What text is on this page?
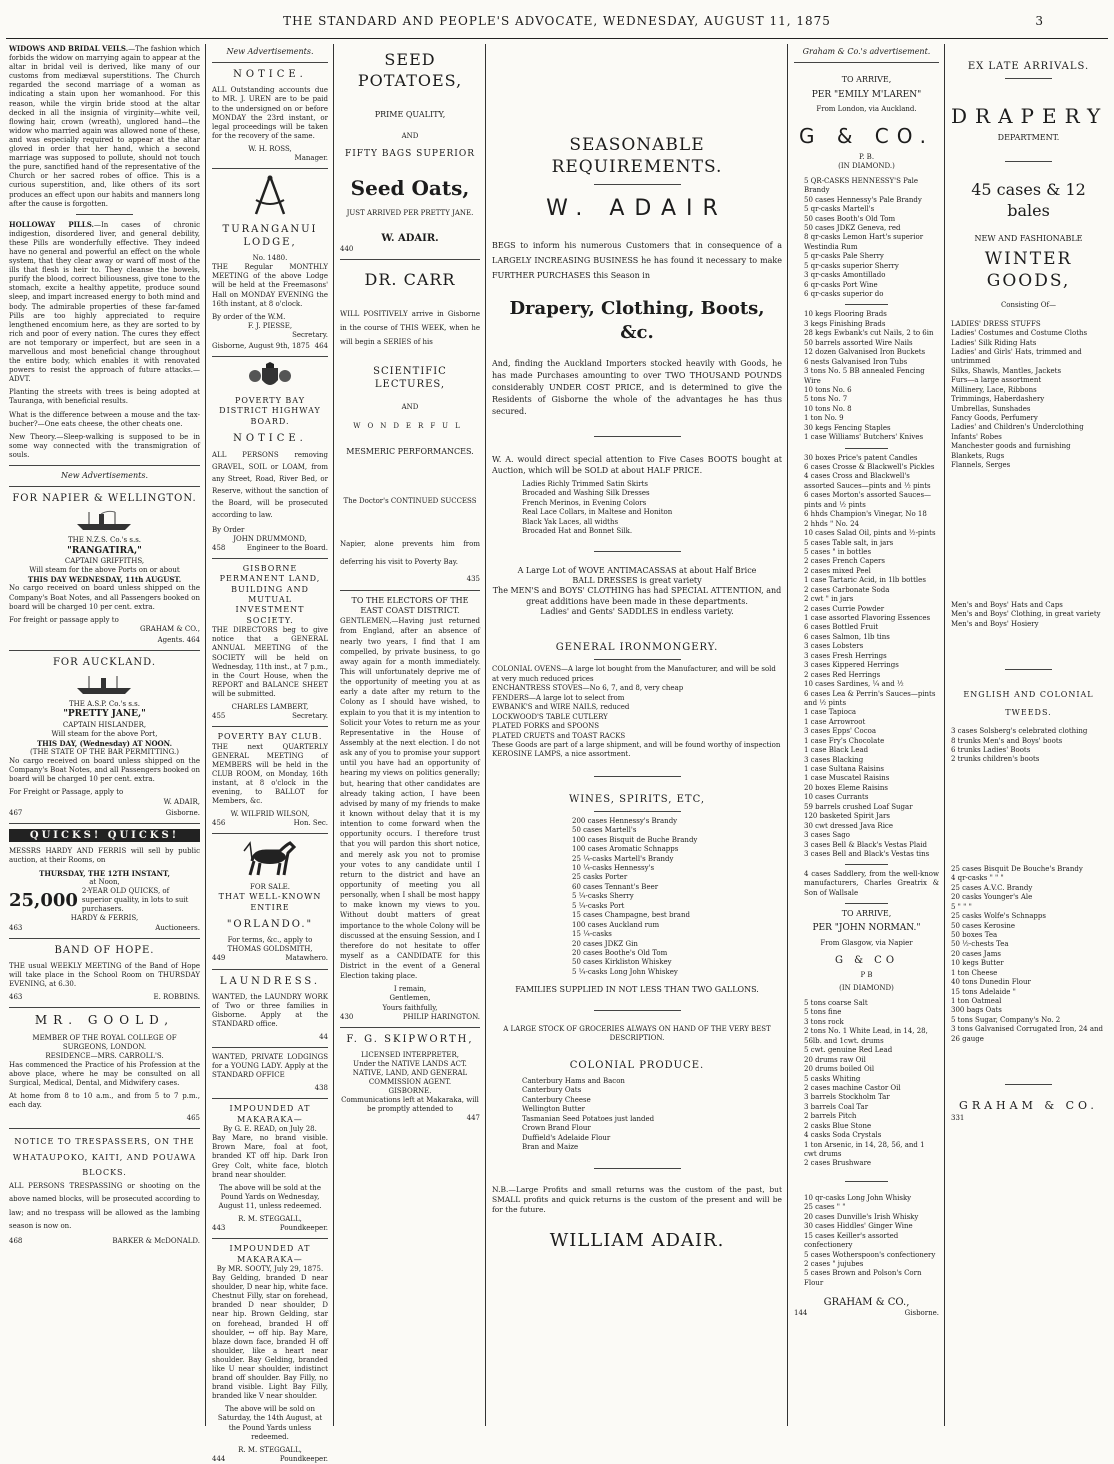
THE STANDARD AND PEOPLE'S ADVOCATE, WEDNESDAY, AUGUST 11, 1875	3

WIDOWS AND BRIDAL VEILS.—The fashion which forbids the widow on marrying again to appear at the altar in bridal veil is derived, like many of our customs from mediæval superstitions. The Church regarded the second marriage of a woman as indicating a stain upon her womanhood. For this reason, while the virgin bride stood at the altar decked in all the insignia of virginity—white veil, flowing hair, crown (wreath), unglored hand—the widow who married again was allowed none of these, and was especially required to appear at the altar gloved in order that her hand, which a second marriage was supposed to pollute, should not touch the pure, sanctified hand of the representative of the Church or her sacred robes of office. This is a curious superstition, and, like others of its sort produces an effect upon our habits and manners long after the cause is forgotten.

HOLLOWAY PILLS.—In cases of chronic indigestion, disordered liver, and general debility, these Pills are wonderfully effective. They indeed have no general and powerful an effect on the whole system, that they clear away or ward off most of the ills that flesh is heir to. They cleanse the bowels, purify the blood, correct biliousness, give tone to the stomach, excite a healthy appetite, produce sound sleep, and impart increased energy to both mind and body. The admirable properties of these far-famed Pills are too highly appreciated to require lengthened encomium here, as they are sorted to by rich and poor of every nation. The cures they effect are not temporary or imperfect, but are seen in a marvellous and most beneficial change throughout the entire body, which enables it with renovated powers to resist the approach of future attacks.—ADVT.

Planting the streets with trees is being adopted at Tauranga, with beneficial results.

What is the difference between a mouse and the tax-bucher?—One eats cheese, the other cheats one.

New Theory.—Sleep-walking is supposed to be in some way connected with the transmigration of souls.

New Advertisements.
FOR NAPIER & WELLINGTON.
THE N.Z.S. Co.'s s.s.
"RANGATIRA,"
CAPTAIN GRIFFITHS,
Will steam for the above Ports on or about
THIS DAY WEDNESDAY, 11th AUGUST.

No cargo received on board unless shipped on the Company's Boat Notes, and all Passengers booked on board will be charged 10 per cent. extra.

For freight or passage apply to
GRAHAM & CO.,
Agents. 464
FOR AUCKLAND.
THE A.S.P. Co.'s s.s.
"PRETTY JANE,"
CAPTAIN HISLANDER,
Will steam for the above Port,
THIS DAY, (Wednesday) AT NOON.
(THE STATE OF THE BAR PERMITTING.)

No cargo received on board unless shipped on the Company's Boat Notes, and all Passengers booked on board will be charged 10 per cent. extra.

For Freight or Passage, apply to
W. ADAIR,
467	Gisborne.
QUICKS! QUICKS!

MESSRS HARDY AND FERRIS will sell by public auction, at their Rooms, on

THURSDAY, THE 12TH INSTANT,
at Noon,
25,000 2-YEAR OLD QUICKS, of superior quality, in lots to suit purchasers.
HARDY & FERRIS,
463	Auctioneers.
BAND OF HOPE.

THE usual WEEKLY MEETING of the Band of Hope will take place in the School Room on THURSDAY EVENING, at 6.30.

463	E. ROBBINS.
MR. GOOLD,
MEMBER OF THE ROYAL COLLEGE OF SURGEONS, LONDON.
RESIDENCE—MRS. CARROLL'S.

Has commenced the Practice of his Profession at the above place, where he may be consulted on all Surgical, Medical, Dental, and Midwifery cases.

At home from 8 to 10 a.m., and from 5 to 7 p.m., each day.

465
NOTICE TO TRESPASSERS, ON THE WHATAUPOKO, KAITI, AND POUAWA BLOCKS.

ALL PERSONS TRESPASSING or shooting on the above named blocks, will be prosecuted according to law; and no trespass will be allowed as the lambing season is now on.

468	BARKER & McDONALD.
New Advertisements.
NOTICE.

ALL Outstanding accounts due to MR. J. UREN are to be paid to the undersigned on or before MONDAY the 23rd instant, or legal proceedings will be taken for the recovery of the same.

W. H. ROSS,
Manager.
TURANGANUI LODGE,
No. 1480.

THE Regular MONTHLY MEETING of the above Lodge will be held at the Freemasons' Hall on MONDAY EVENING the 16th instant, at 8 o'clock.

By order of the W.M.
F. J. PIESSE,
Secretary.
Gisborne, August 9th, 1875 464
POVERTY BAY DISTRICT HIGHWAY BOARD.
NOTICE.

ALL PERSONS removing GRAVEL, SOIL or LOAM, from any Street, Road, River Bed, or Reserve, without the sanction of the Board, will be prosecuted according to law.

By Order
JOHN DRUMMOND,
458	Engineer to the Board.
GISBORNE PERMANENT LAND, BUILDING AND MUTUAL INVESTMENT SOCIETY.

THE DIRECTORS beg to give notice that a GENERAL ANNUAL MEETING of the SOCIETY will be held on Wednesday, 11th inst., at 7 p.m., in the Court House, when the REPORT and BALANCE SHEET will be submitted.

CHARLES LAMBERT,
455	Secretary.
POVERTY BAY CLUB.

THE next QUARTERLY GENERAL MEETING of MEMBERS will be held in the CLUB ROOM, on Monday, 16th instant, at 8 o'clock in the evening, to BALLOT for Members, &c.

W. WILFRID WILSON,
456	Hon. Sec.
FOR SALE.
THAT WELL-KNOWN ENTIRE
"ORLANDO."
For terms, &c., apply to
THOMAS GOLDSMITH,
449	Matawhero.
LAUNDRESS.

WANTED, the LAUNDRY WORK of Two or three families in Gisborne. Apply at the STANDARD office.

44

WANTED, PRIVATE LODGINGS for a YOUNG LADY. Apply at the STANDARD OFFICE

438
IMPOUNDED AT MAKARAKA—
By G. E. READ, on July 28.

Bay Mare, no brand visible. Brown Mare, foal at foot, branded KT off hip. Dark Iron Grey Colt, white face, blotch brand near shoulder.

The above will be sold at the Pound Yards on Wednesday, August 11, unless redeemed.

R. M. STEGGALL,
443	Poundkeeper.
IMPOUNDED AT MAKARAKA—
By MR. SOOTY, July 29, 1875.

Bay Gelding, branded D near shoulder, D near hip, white face. Chestnut Filly, star on forehead, branded D near shoulder, D near hip. Brown Gelding, star on forehead, branded H off shoulder, ꟷ off hip. Bay Mare, blaze down face, branded H off shoulder, like a heart near shoulder. Bay Gelding, branded like U near shoulder, indistinct brand off shoulder. Bay Filly, no brand visible. Light Bay Filly, branded like V near shoulder.

The above will be sold on Saturday, the 14th August, at the Pound Yards unless redeemed.

R. M. STEGGALL,
444	Poundkeeper.
SEED POTATOES,
PRIME QUALITY,
AND
FIFTY BAGS SUPERIOR
Seed Oats,
JUST ARRIVED PER PRETTY JANE.
W. ADAIR.
440
DR. CARR

WILL POSITIVELY arrive in Gisborne in the course of THIS WEEK, when he will begin a SERIES of his

SCIENTIFIC LECTURES,
AND
WONDERFUL
MESMERIC PERFORMANCES.
The Doctor's CONTINUED SUCCESS

Napier, alone prevents him from deferring his visit to Poverty Bay.

435
TO THE ELECTORS OF THE EAST COAST DISTRICT.

GENTLEMEN,—Having just returned from England, after an absence of nearly two years, I find that I am compelled, by private business, to go away again for a month immediately. This will unfortunately deprive me of the opportunity of meeting you at as early a date after my return to the Colony as I should have wished, to explain to you that it is my intention to Solicit your Votes to return me as your Representative in the House of Assembly at the next election. I do not ask any of you to promise your support until you have had an opportunity of hearing my views on politics generally; but, hearing that other candidates are already taking action, I have been advised by many of my friends to make it known without delay that it is my intention to come forward when the opportunity occurs. I therefore trust that you will pardon this short notice, and merely ask you not to promise your votes to any candidate until I return to the district and have an opportunity of meeting you all personally, when I shall be most happy to make known my views to you. Without doubt matters of great importance to the whole Colony will be discussed at the ensuing Session, and I therefore do not hesitate to offer myself as a CANDIDATE for this District in the event of a General Election taking place.

I remain,
Gentlemen,
Yours faithfully,
430	PHILIP HARINGTON.
F. G. SKIPWORTH,
LICENSED INTERPRETER,
Under the NATIVE LANDS ACT.
NATIVE, LAND, AND GENERAL COMMISSION AGENT.
GISBORNE.
Communications left at Makaraka, will be promptly attended to
447
SEASONABLE REQUIREMENTS.
W. ADAIR

BEGS to inform his numerous Customers that in consequence of a LARGELY INCREASING BUSINESS he has found it necessary to make FURTHER PURCHASES this Season in

Drapery, Clothing, Boots, &c.

And, finding the Auckland Importers stocked heavily with Goods, he has made Purchases amounting to over TWO THOUSAND POUNDS considerably UNDER COST PRICE, and is determined to give the Residents of Gisborne the whole of the advantages he has thus secured.

W. A. would direct special attention to Five Cases BOOTS bought at Auction, which will be SOLD at about HALF PRICE.

Ladies Richly Trimmed Satin Skirts
Brocaded and Washing Silk Dresses
French Merinos, in Evening Colors
Real Lace Collars, in Maltese and Honiton
Black Yak Laces, all widths
Brocaded Hat and Bonnet Silk.
A Large Lot of WOVE ANTIMACASSAS at about Half Brice
BALL DRESSES is great variety
The MEN'S and BOYS' CLOTHING has had SPECIAL ATTENTION, and great additions have been made in these departments.
Ladies' and Gents' SADDLES in endless variety.
GENERAL IRONMONGERY.
COLONIAL OVENS—A large lot bought from the Manufacturer, and will be sold at very much reduced prices
ENCHANTRESS STOVES—No 6, 7, and 8, very cheap
FENDERS—A large lot to select from
EWBANK'S and WIRE NAILS, reduced
LOCKWOOD'S TABLE CUTLERY
PLATED FORKS and SPOONS
PLATED CRUETS and TOAST RACKS
These Goods are part of a large shipment, and will be found worthy of inspection
KEROSINE LAMPS, a nice assortment.
WINES, SPIRITS, ETC,
200 cases Hennessy's Brandy
50 cases Martell's
100 cases Bisquit de Buche Brandy
100 cases Aromatic Schnapps
25 ¼-casks Martell's Brandy
10 ¼-casks Hennessy's
25 casks Porter
60 cases Tennant's Beer
5 ¼-casks Sherry
5 ¼-casks Port
15 cases Champagne, best brand
100 cases Auckland rum
15 ¼-casks
20 cases JDKZ Gin
20 cases Boothe's Old Tom
50 cases Kirkliston Whiskey
5 ¼-casks Long John Whiskey
FAMILIES SUPPLIED IN NOT LESS THAN TWO GALLONS.
A LARGE STOCK OF GROCERIES ALWAYS ON HAND OF THE VERY BEST DESCRIPTION.
COLONIAL PRODUCE.
Canterbury Hams and Bacon
Canterbury Oats
Canterbury Cheese
Wellington Butter
Tasmanian Seed Potatoes just landed
Crown Brand Flour
Duffield's Adelaide Flour
Bran and Maize

N.B.—Large Profits and small returns was the custom of the past, but SMALL profits and quick returns is the custom of the present and will be for the future.

WILLIAM ADAIR.
Graham & Co.'s advertisement.
TO ARRIVE,
PER "EMILY M'LAREN"
From London, via Auckland.
G & CO.
P. B.
(IN DIAMOND.)
5 QR-CASKS HENNESSY'S Pale Brandy
50 cases Hennessy's Pale Brandy
5 qr-casks Martell's
50 cases Booth's Old Tom
50 cases JDKZ Geneva, red
8 qr-casks Lemon Hart's superior Westindia Rum
5 qr-casks Pale Sherry
5 qr-casks superior Sherry
3 qr-casks Amontillado
6 qr-casks Port Wine
6 qr-casks superior do
10 kegs Flooring Brads
3 kegs Finishing Brads
28 kegs Ewbank's cut Nails, 2 to 6in
50 barrels assorted Wire Nails
12 dozen Galvanised Iron Buckets
6 nests Galvanised Iron Tubs
3 tons No. 5 BB annealed Fencing Wire
10 tons No. 6
5 tons No. 7
10 tons No. 8
1 ton No. 9
30 kegs Fencing Staples
1 case Williams' Butchers' Knives
30 boxes Price's patent Candles
6 cases Crosse & Blackwell's Pickles
4 cases Cross and Blackwell's assorted Sauces—pints and ½ pints
6 cases Morton's assorted Sauces—pints and ½ pints
6 hhds Champion's Vinegar, No 18
2 hhds " No. 24
10 cases Salad Oil, pints and ½-pints
5 cases Table salt, in jars
5 cases " in bottles
2 cases French Capers
2 cases mixed Peel
1 case Tartaric Acid, in 1lb bottles
2 cases Carbonate Soda
2 cwt " in jars
2 cases Currie Powder
1 case assorted Flavoring Essences
6 cases Bottled Fruit
6 cases Salmon, 1lb tins
3 cases Lobsters
3 cases Fresh Herrings
3 cases Kippered Herrings
2 cases Red Herrings
10 cases Sardines, ¼ and ½
6 cases Lea & Perrin's Sauces—pints and ½ pints
1 case Tapioca
1 case Arrowroot
3 cases Epps' Cocoa
1 case Fry's Chocolate
1 case Black Lead
3 cases Blacking
1 case Sultana Raisins
1 case Muscatel Raisins
20 boxes Eleme Raisins
10 cases Currants
59 barrels crushed Loaf Sugar
120 basketed Spirit Jars
30 cwt dressed Java Rice
3 cases Sago
3 cases Bell & Black's Vestas Plaid
3 cases Bell and Black's Vestas tins

4 cases Saddlery, from the well-know manufacturers, Charles Greatrix & Son of Wallsale

TO ARRIVE,
PER "JOHN NORMAN."
From Glasgow, via Napier
G & CO
P B
(IN DIAMOND)
5 tons coarse Salt
5 tons fine
3 tons rock
2 tons No. 1 White Lead, in 14, 28, 56lb. and 1cwt. drums
5 cwt. genuine Red Lead
20 drums raw Oil
20 drums boiled Oil
5 casks Whiting
2 cases machine Castor Oil
3 barrels Stockholm Tar
3 barrels Coal Tar
2 barrels Pitch
2 casks Blue Stone
4 casks Soda Crystals
1 ton Arsenic, in 14, 28, 56, and 1 cwt drums
2 cases Brushware
10 qr-casks Long John Whisky
25 cases " "
20 cases Dunville's Irish Whisky
30 cases Hiddles' Ginger Wine
15 cases Keiller's assorted confectionery
5 cases Wotherspoon's confectionery
2 cases " jujubes
5 cases Brown and Polson's Corn Flour
GRAHAM & CO.,
144	Gisborne.
EX LATE ARRIVALS.
DRAPERY
DEPARTMENT.
45 cases & 12 bales
NEW AND FASHIONABLE
WINTER GOODS,
Consisting Of—
LADIES' DRESS STUFFS
Ladies' Costumes and Costume Cloths
Ladies' Silk Riding Hats
Ladies' and Girls' Hats, trimmed and untrimmed
Silks, Shawls, Mantles, Jackets
Furs—a large assortment
Millinery, Lace, Ribbons
Trimmings, Haberdashery
Umbrellas, Sunshades
Fancy Goods, Perfumery
Ladies' and Children's Underclothing
Infants' Robes
Manchester goods and furnishing
Blankets, Rugs
Flannels, Serges
Men's and Boys' Hats and Caps
Men's and Boys' Clothing, in great variety
Men's and Boys' Hosiery
ENGLISH AND COLONIAL TWEEDS.
3 cases Solsberg's celebrated clothing
8 trunks Men's and Boys' boots
6 trunks Ladies' Boots
2 trunks children's boots
25 cases Bisquit De Bouche's Brandy
4 qr-casks " " "
25 cases A.V.C. Brandy
20 casks Younger's Ale
5 " " "
25 casks Wolfe's Schnapps
50 cases Kerosine
50 boxes Tea
50 ½-chests Tea
20 cases Jams
10 kegs Butter
1 ton Cheese
40 tons Dunedin Flour
15 tons Adelaide "
1 ton Oatmeal
300 bags Oats
5 tons Sugar, Company's No. 2
3 tons Galvanised Corrugated Iron, 24 and 26 gauge
GRAHAM & CO.
331
